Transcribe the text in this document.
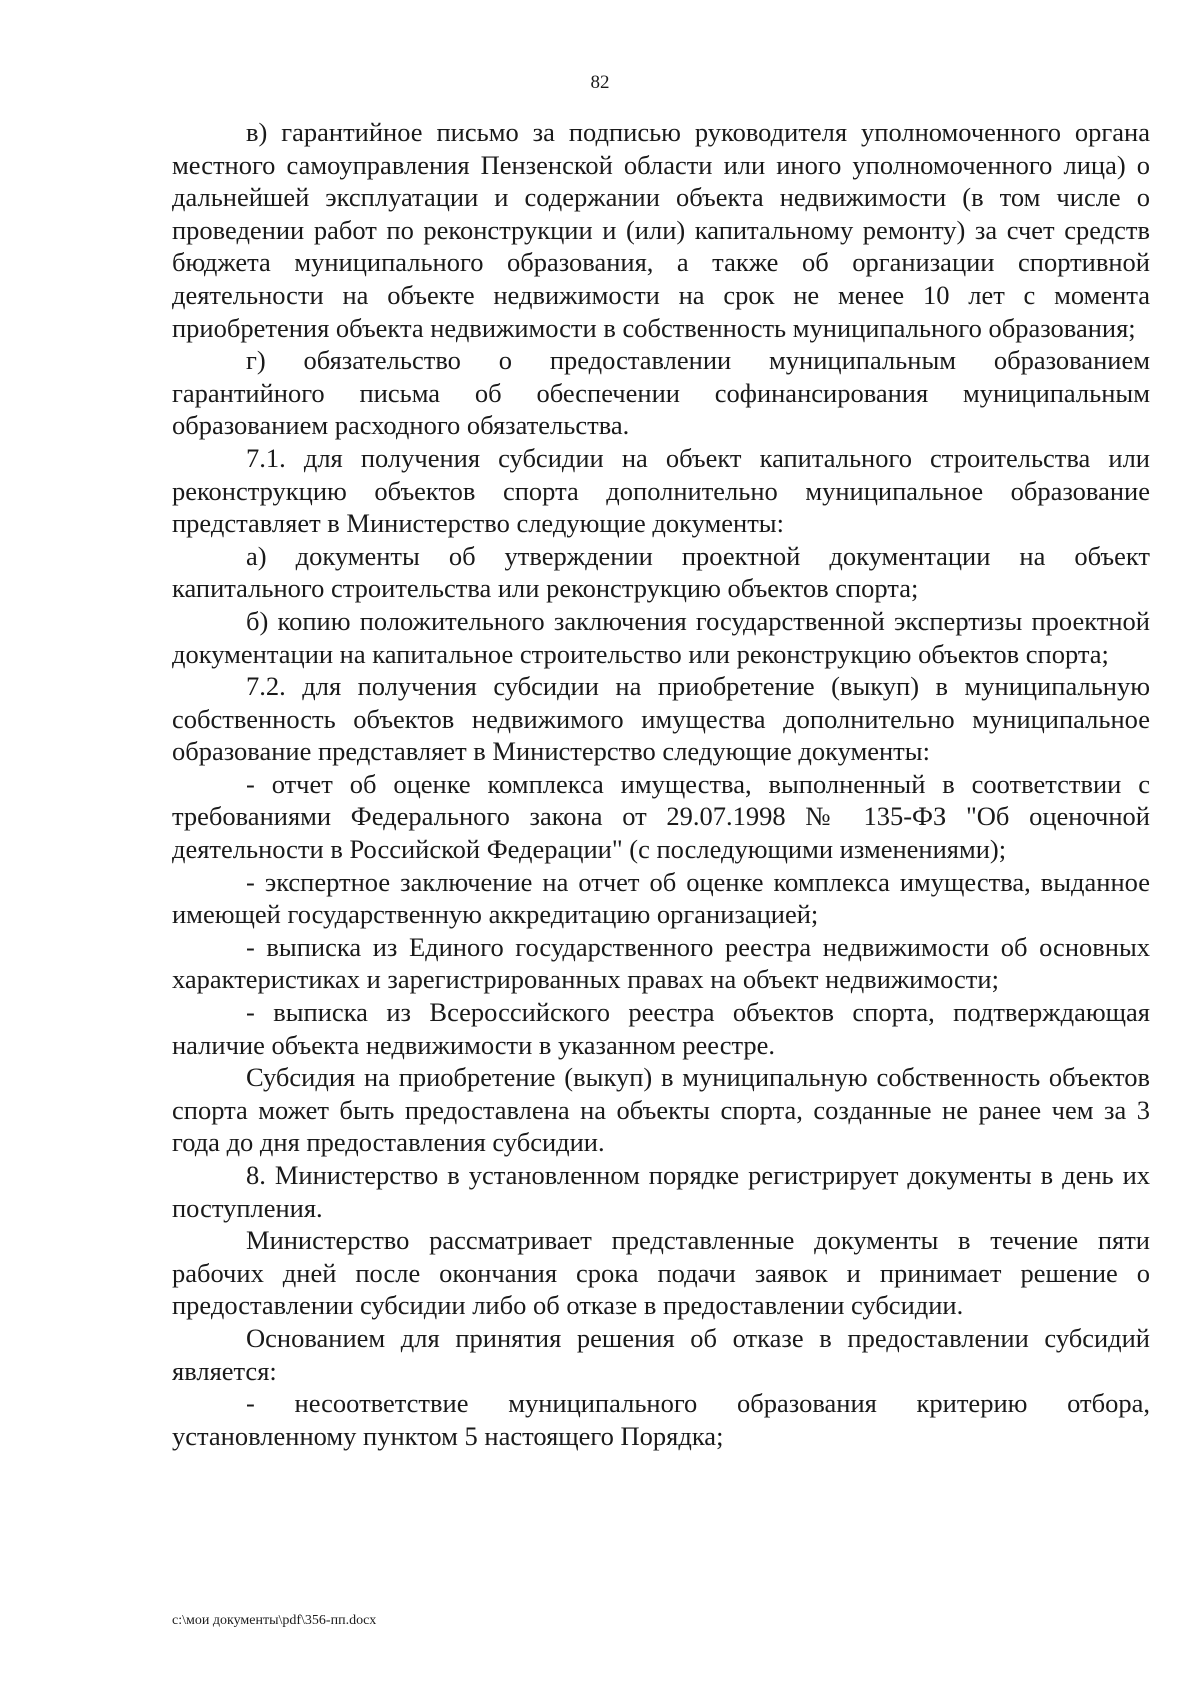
82

в) гарантийное письмо за подписью руководителя уполномоченного органа местного самоуправления Пензенской области или иного уполномоченного лица) о дальнейшей эксплуатации и содержании объекта недвижимости (в том числе о проведении работ по реконструкции и (или) капитальному ремонту) за счет средств бюджета муниципального образования, а также об организации спортивной деятельности на объекте недвижимости на срок не менее 10 лет с момента приобретения объекта недвижимости в собственность муниципального образования;

г) обязательство о предоставлении муниципальным образованием гарантийного письма об обеспечении софинансирования муниципальным образованием расходного обязательства.

7.1. для получения субсидии на объект капитального строительства или реконструкцию объектов спорта дополнительно муниципальное образование представляет в Министерство следующие документы:

а) документы об утверждении проектной документации на объект капитального строительства или реконструкцию объектов спорта;

б) копию положительного заключения государственной экспертизы проектной документации на капитальное строительство или реконструкцию объектов спорта;

7.2. для получения субсидии на приобретение (выкуп) в муниципальную собственность объектов недвижимого имущества дополнительно муниципальное образование представляет в Министерство следующие документы:

- отчет об оценке комплекса имущества, выполненный в соответствии с требованиями Федерального закона от 29.07.1998 № 135-ФЗ "Об оценочной деятельности в Российской Федерации" (с последующими изменениями);

- экспертное заключение на отчет об оценке комплекса имущества, выданное имеющей государственную аккредитацию организацией;

- выписка из Единого государственного реестра недвижимости об основных характеристиках и зарегистрированных правах на объект недвижимости;

- выписка из Всероссийского реестра объектов спорта, подтверждающая наличие объекта недвижимости в указанном реестре.

Субсидия на приобретение (выкуп) в муниципальную собственность объектов спорта может быть предоставлена на объекты спорта, созданные не ранее чем за 3 года до дня предоставления субсидии.

8. Министерство в установленном порядке регистрирует документы в день их поступления.

Министерство рассматривает представленные документы в течение пяти рабочих дней после окончания срока подачи заявок и принимает решение о предоставлении субсидии либо об отказе в предоставлении субсидии.

Основанием для принятия решения об отказе в предоставлении субсидий является:

- несоответствие муниципального образования критерию отбора, установленному пунктом 5 настоящего Порядка;

c:\мои документы\pdf\356-пп.docx
